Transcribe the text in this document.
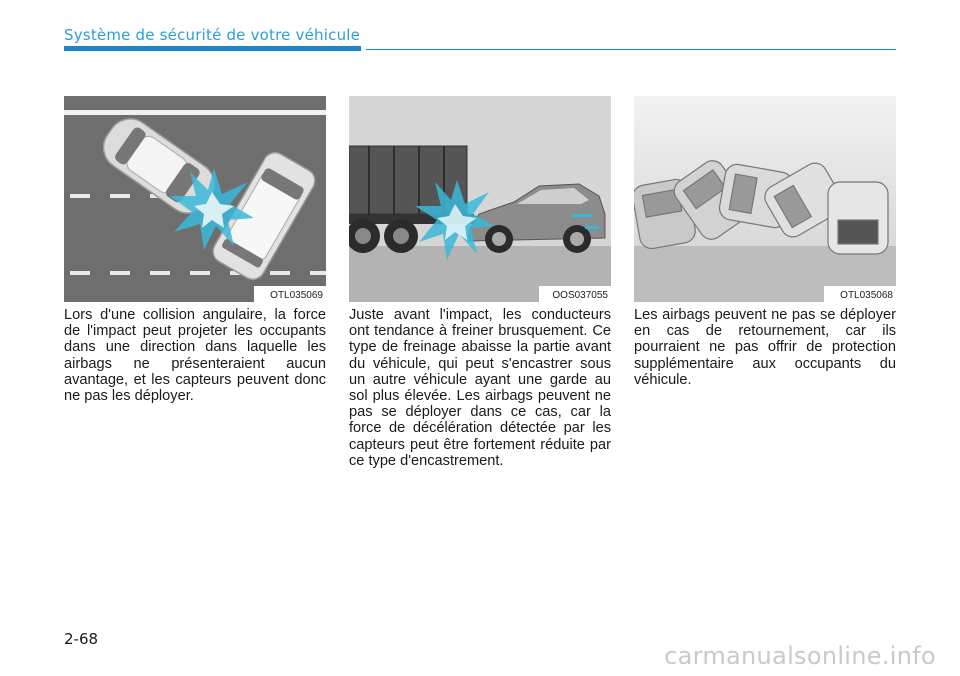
Système de sécurité de votre véhicule
OTL035069	OOS037055	OTL035068
Lors d'une collision angulaire, la force de l'impact peut projeter les occupants dans une direction dans laquelle les airbags ne présenteraient aucun avantage, et les capteurs peuvent donc ne pas les déployer.
Juste avant l'impact, les conducteurs ont tendance à freiner brusquement. Ce type de freinage abaisse la partie avant du véhicule, qui peut s'encastrer sous un autre véhicule ayant une garde au sol plus élevée. Les airbags peuvent ne pas se déployer dans ce cas, car la force de décélération détectée par les capteurs peut être fortement réduite par ce type d'encastrement.
Les airbags peuvent ne pas se déployer en cas de retournement, car ils pourraient ne pas offrir de protection supplémentaire aux occupants du véhicule.
2-68
carmanualsonline.info
